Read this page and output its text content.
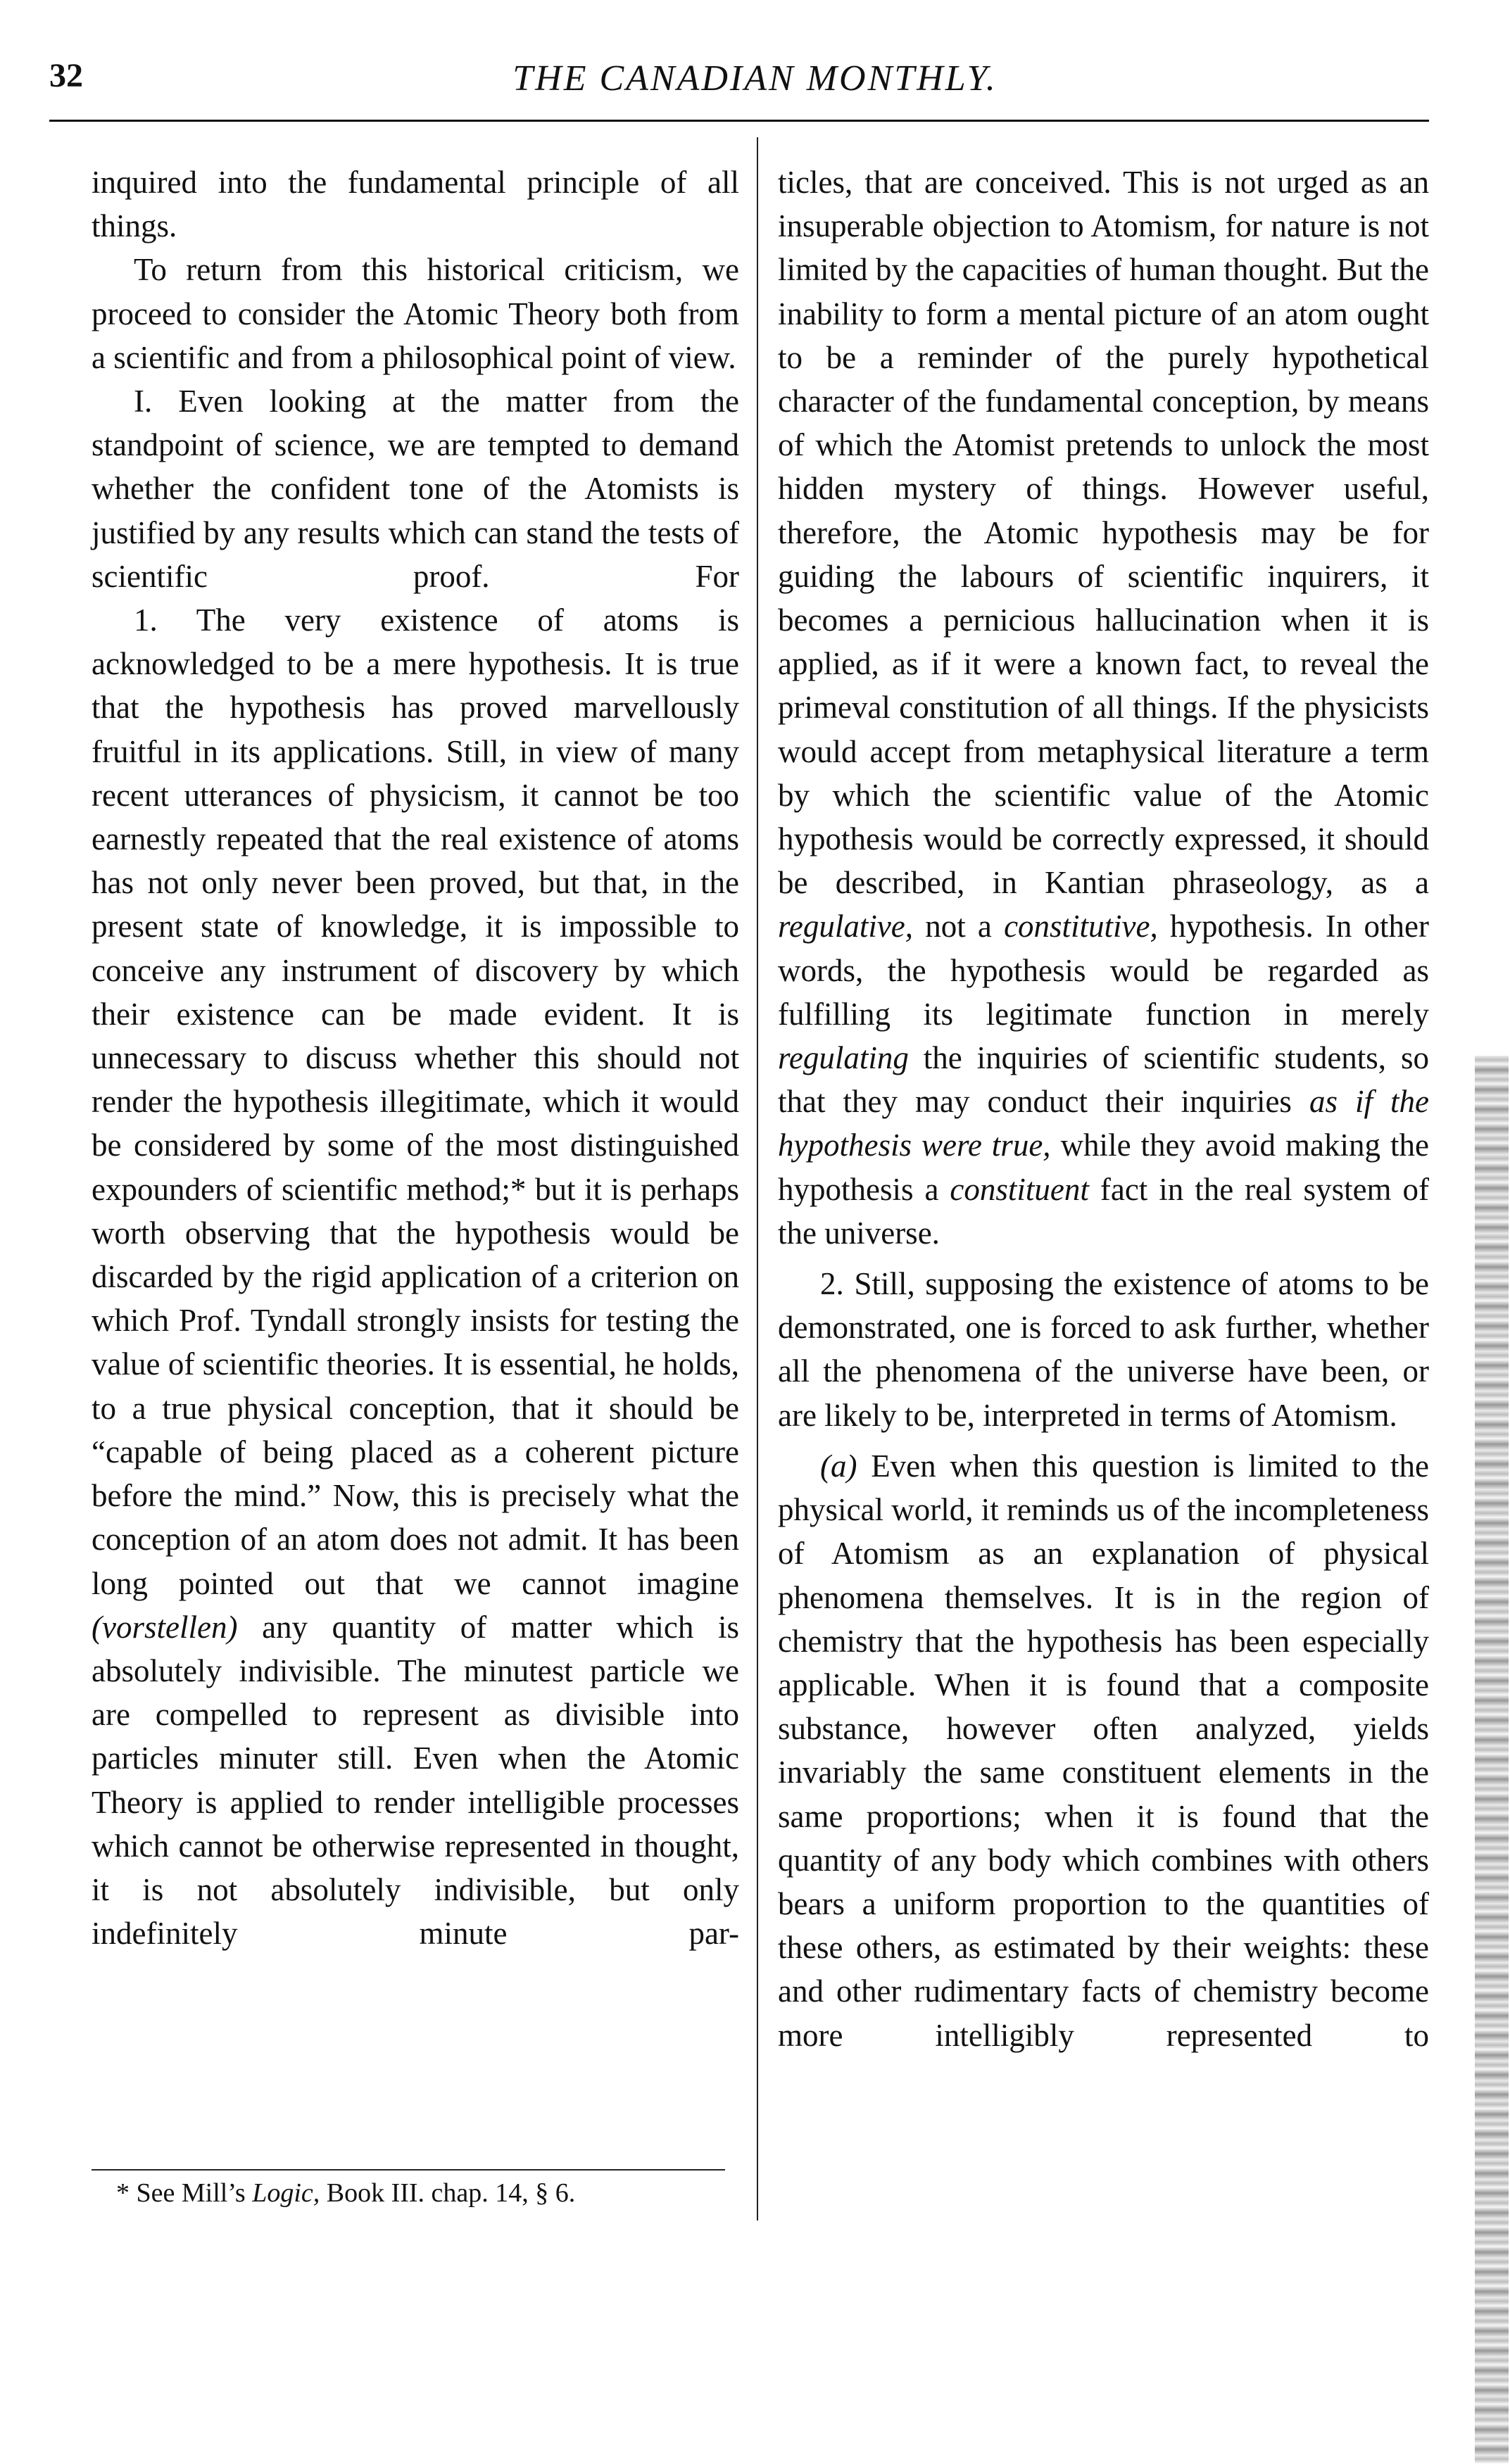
32	THE CANADIAN MONTHLY.

inquired into the fundamental principle of all things.

To return from this historical criticism, we proceed to consider the Atomic Theory both from a scientific and from a philosophical point of view.

I. Even looking at the matter from the standpoint of science, we are tempted to demand whether the confident tone of the Atomists is justified by any results which can stand the tests of scientific proof. For

1. The very existence of atoms is acknowledged to be a mere hypothesis. It is true that the hypothesis has proved marvellously fruitful in its applications. Still, in view of many recent utterances of physicism, it cannot be too earnestly repeated that the real existence of atoms has not only never been proved, but that, in the present state of knowledge, it is impossible to conceive any instrument of discovery by which their existence can be made evident. It is unnecessary to discuss whether this should not render the hypothesis illegitimate, which it would be considered by some of the most distinguished expounders of scientific method;* but it is perhaps worth observing that the hypothesis would be discarded by the rigid application of a criterion on which Prof. Tyndall strongly insists for testing the value of scientific theories. It is essential, he holds, to a true physical conception, that it should be “capable of being placed as a coherent picture before the mind.” Now, this is precisely what the conception of an atom does not admit. It has been long pointed out that we cannot imagine (vorstellen) any quantity of matter which is absolutely indivisible. The minutest particle we are compelled to represent as divisible into particles minuter still. Even when the Atomic Theory is applied to render intelligible processes which cannot be otherwise represented in thought, it is not absolutely indivisible, but only indefinitely minute par-

ticles, that are conceived. This is not urged as an insuperable objection to Atomism, for nature is not limited by the capacities of human thought. But the inability to form a mental picture of an atom ought to be a reminder of the purely hypothetical character of the fundamental conception, by means of which the Atomist pretends to unlock the most hidden mystery of things. However useful, therefore, the Atomic hypothesis may be for guiding the labours of scientific inquirers, it becomes a pernicious hallucination when it is applied, as if it were a known fact, to reveal the primeval constitution of all things. If the physicists would accept from metaphysical literature a term by which the scientific value of the Atomic hypothesis would be correctly expressed, it should be described, in Kantian phraseology, as a regulative, not a constitutive, hypothesis. In other words, the hypothesis would be regarded as fulfilling its legitimate function in merely regulating the inquiries of scientific students, so that they may conduct their inquiries as if the hypothesis were true, while they avoid making the hypothesis a constituent fact in the real system of the universe.

2. Still, supposing the existence of atoms to be demonstrated, one is forced to ask further, whether all the phenomena of the universe have been, or are likely to be, interpreted in terms of Atomism.

(a) Even when this question is limited to the physical world, it reminds us of the incompleteness of Atomism as an explanation of physical phenomena themselves. It is in the region of chemistry that the hypothesis has been especially applicable. When it is found that a composite substance, however often analyzed, yields invariably the same constituent elements in the same proportions; when it is found that the quantity of any body which combines with others bears a uniform proportion to the quantities of these others, as estimated by their weights: these and other rudimentary facts of chemistry become more intelligibly represented to

* See Mill’s Logic, Book III. chap. 14, § 6.
